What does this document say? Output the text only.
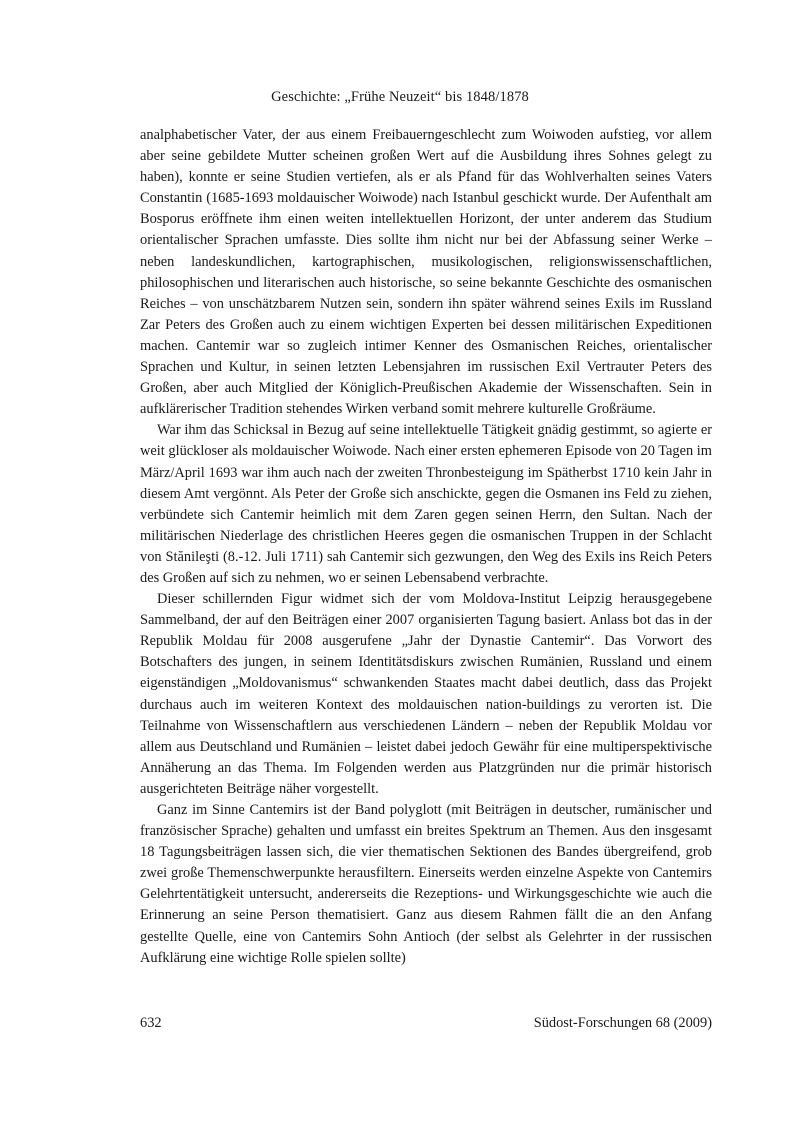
Geschichte: „Frühe Neuzeit“ bis 1848/1878

analphabetischer Vater, der aus einem Freibauerngeschlecht zum Woiwoden aufstieg, vor allem aber seine gebildete Mutter scheinen großen Wert auf die Ausbildung ihres Sohnes gelegt zu haben), konnte er seine Studien vertiefen, als er als Pfand für das Wohlverhalten seines Vaters Constantin (1685-1693 moldauischer Woiwode) nach Istanbul geschickt wurde. Der Aufenthalt am Bosporus eröffnete ihm einen weiten intellektuellen Horizont, der unter anderem das Studium orientalischer Sprachen umfasste. Dies sollte ihm nicht nur bei der Abfassung seiner Werke – neben landeskundlichen, kartographischen, musikologischen, religionswissenschaftlichen, philosophischen und literarischen auch historische, so seine bekannte Geschichte des osmanischen Reiches – von unschätzbarem Nutzen sein, sondern ihn später während seines Exils im Russland Zar Peters des Großen auch zu einem wichtigen Experten bei dessen militärischen Expeditionen machen. Cantemir war so zugleich intimer Kenner des Osmanischen Reiches, orientalischer Sprachen und Kultur, in seinen letzten Lebensjahren im russischen Exil Vertrauter Peters des Großen, aber auch Mitglied der Königlich-Preußischen Akademie der Wissenschaften. Sein in aufklärerischer Tradition stehendes Wirken verband somit mehrere kulturelle Großräume.

War ihm das Schicksal in Bezug auf seine intellektuelle Tätigkeit gnädig gestimmt, so agierte er weit glückloser als moldauischer Woiwode. Nach einer ersten ephemeren Episode von 20 Tagen im März/April 1693 war ihm auch nach der zweiten Thronbesteigung im Spätherbst 1710 kein Jahr in diesem Amt vergönnt. Als Peter der Große sich anschickte, gegen die Osmanen ins Feld zu ziehen, verbündete sich Cantemir heimlich mit dem Zaren gegen seinen Herrn, den Sultan. Nach der militärischen Niederlage des christlichen Heeres gegen die osmanischen Truppen in der Schlacht von Stănileşti (8.-12. Juli 1711) sah Cantemir sich gezwungen, den Weg des Exils ins Reich Peters des Großen auf sich zu nehmen, wo er seinen Lebensabend verbrachte.

Dieser schillernden Figur widmet sich der vom Moldova-Institut Leipzig herausgegebene Sammelband, der auf den Beiträgen einer 2007 organisierten Tagung basiert. Anlass bot das in der Republik Moldau für 2008 ausgerufene „Jahr der Dynastie Cantemir“. Das Vorwort des Botschafters des jungen, in seinem Identitätsdiskurs zwischen Rumänien, Russland und einem eigenständigen „Moldovanismus“ schwankenden Staates macht dabei deutlich, dass das Projekt durchaus auch im weiteren Kontext des moldauischen nation-buildings zu verorten ist. Die Teilnahme von Wissenschaftlern aus verschiedenen Ländern – neben der Republik Moldau vor allem aus Deutschland und Rumänien – leistet dabei jedoch Gewähr für eine multiperspektivische Annäherung an das Thema. Im Folgenden werden aus Platzgründen nur die primär historisch ausgerichteten Beiträge näher vorgestellt.

Ganz im Sinne Cantemirs ist der Band polyglott (mit Beiträgen in deutscher, rumänischer und französischer Sprache) gehalten und umfasst ein breites Spektrum an Themen. Aus den insgesamt 18 Tagungsbeiträgen lassen sich, die vier thematischen Sektionen des Bandes übergreifend, grob zwei große Themenschwerpunkte herausfiltern. Einerseits werden einzelne Aspekte von Cantemirs Gelehrtentätigkeit untersucht, andererseits die Rezeptions- und Wirkungsgeschichte wie auch die Erinnerung an seine Person thematisiert. Ganz aus diesem Rahmen fällt die an den Anfang gestellte Quelle, eine von Cantemirs Sohn Antioch (der selbst als Gelehrter in der russischen Aufklärung eine wichtige Rolle spielen sollte)

632	Südost-Forschungen 68 (2009)
